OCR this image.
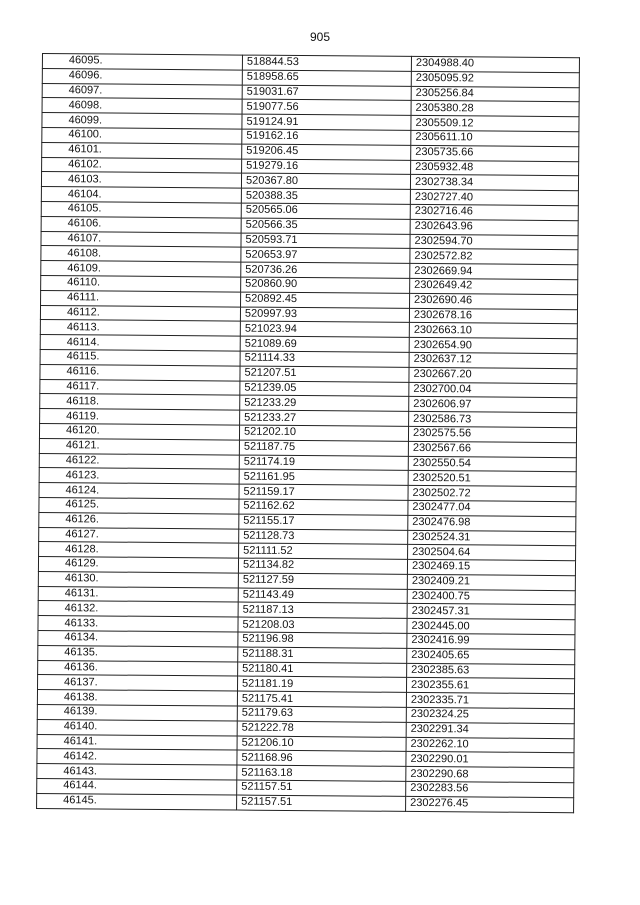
905
46095.	518844.53	2304988.40
46096.	518958.65	2305095.92
46097.	519031.67	2305256.84
46098.	519077.56	2305380.28
46099.	519124.91	2305509.12
46100.	519162.16	2305611.10
46101.	519206.45	2305735.66
46102.	519279.16	2305932.48
46103.	520367.80	2302738.34
46104.	520388.35	2302727.40
46105.	520565.06	2302716.46
46106.	520566.35	2302643.96
46107.	520593.71	2302594.70
46108.	520653.97	2302572.82
46109.	520736.26	2302669.94
46110.	520860.90	2302649.42
46111.	520892.45	2302690.46
46112.	520997.93	2302678.16
46113.	521023.94	2302663.10
46114.	521089.69	2302654.90
46115.	521114.33	2302637.12
46116.	521207.51	2302667.20
46117.	521239.05	2302700.04
46118.	521233.29	2302606.97
46119.	521233.27	2302586.73
46120.	521202.10	2302575.56
46121.	521187.75	2302567.66
46122.	521174.19	2302550.54
46123.	521161.95	2302520.51
46124.	521159.17	2302502.72
46125.	521162.62	2302477.04
46126.	521155.17	2302476.98
46127.	521128.73	2302524.31
46128.	521111.52	2302504.64
46129.	521134.82	2302469.15
46130.	521127.59	2302409.21
46131.	521143.49	2302400.75
46132.	521187.13	2302457.31
46133.	521208.03	2302445.00
46134.	521196.98	2302416.99
46135.	521188.31	2302405.65
46136.	521180.41	2302385.63
46137.	521181.19	2302355.61
46138.	521175.41	2302335.71
46139.	521179.63	2302324.25
46140.	521222.78	2302291.34
46141.	521206.10	2302262.10
46142.	521168.96	2302290.01
46143.	521163.18	2302290.68
46144.	521157.51	2302283.56
46145.	521157.51	2302276.45
